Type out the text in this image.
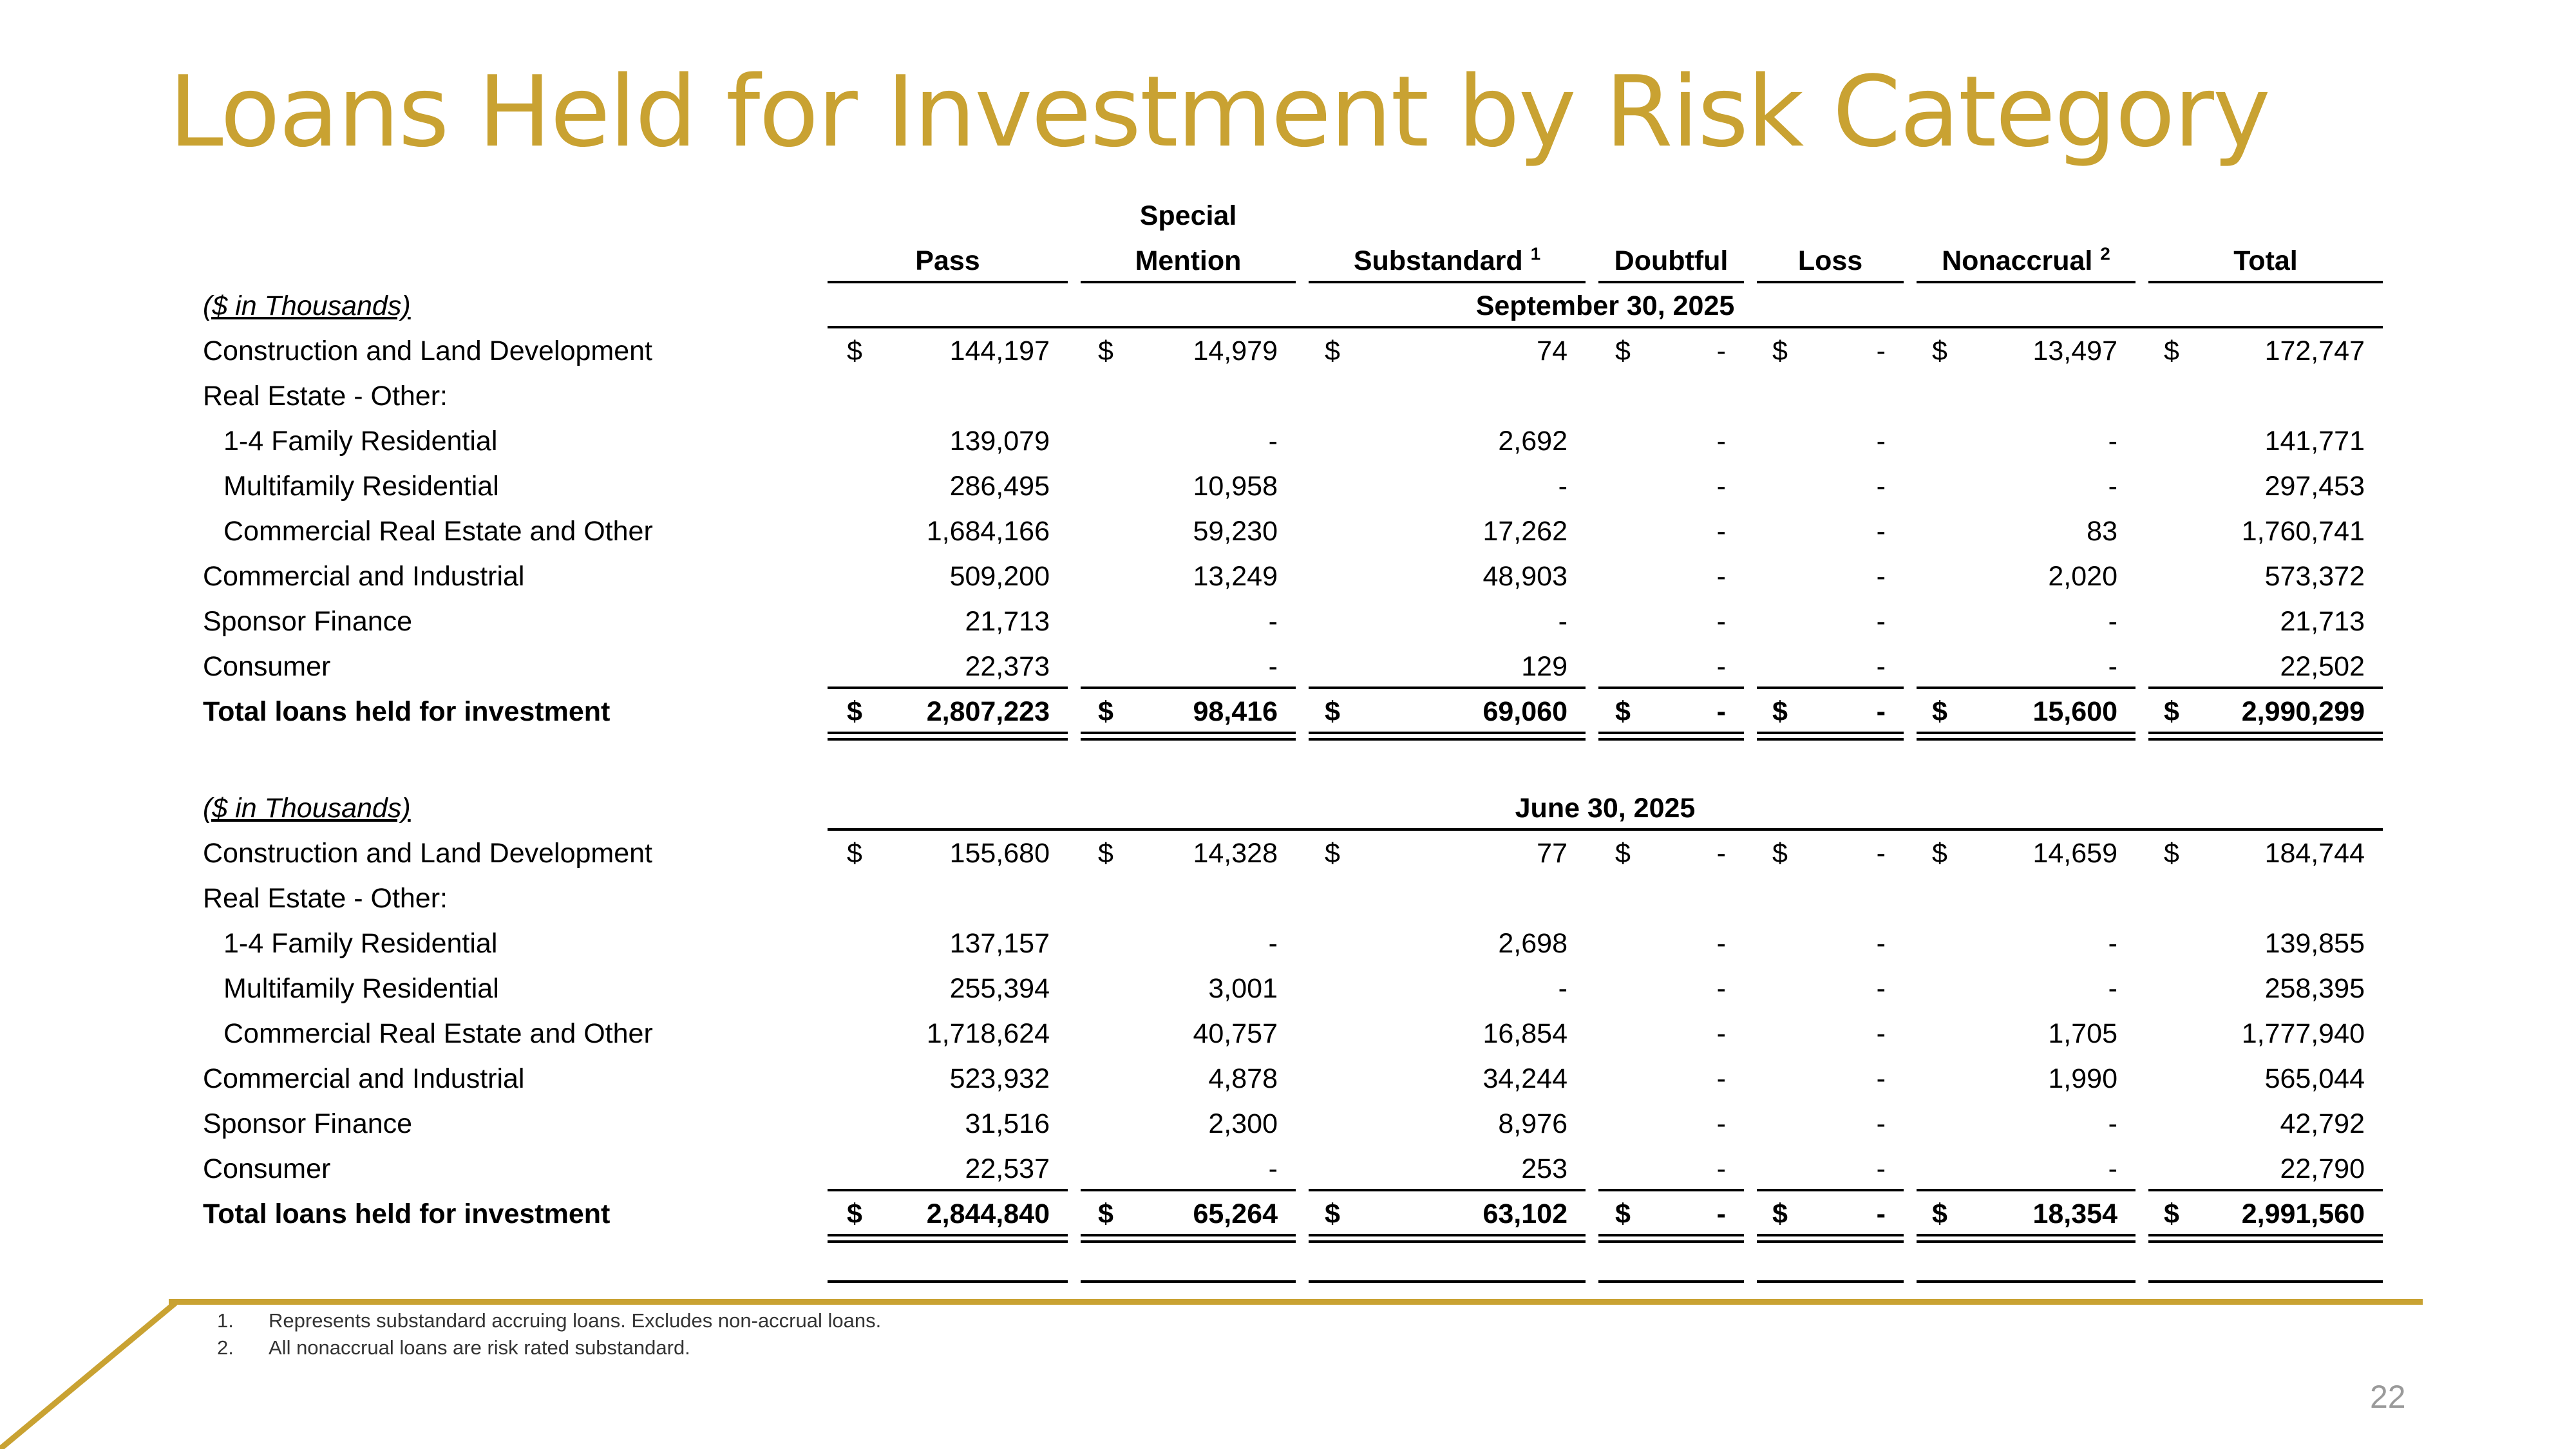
Loans Held for Investment by Risk Category
Special
Pass	Mention	Substandard $^1$	Doubtful	Loss	Nonaccrual $^2$	Total
($ in Thousands)	September 30, 2025
Construction and Land Development	$	144,197 $	14,979 $	74 $	- $	- $	13,497 $	172,747
Real Estate - Other:
1-4 Family Residential	139,079	-	2,692	-	-	-	141,771
Multifamily Residential	286,495	10,958	-	-	-	-	297,453
Commercial Real Estate and Other	1,684,166	59,230	17,262	-	-	83	1,760,741
Commercial and Industrial	509,200	13,249	48,903	-	-	2,020	573,372
Sponsor Finance	21,713	-	-	-	-	-	21,713
Consumer	22,373	-	129	-	-	-	22,502
Total loans held for investment	$ 2,807,223 $	98,416 $	69,060 $	- $	- $	15,600 $ 2,990,299
($ in Thousands)	June 30, 2025
Construction and Land Development	$	155,680 $	14,328 $	77 $	- $	- $	14,659 $	184,744
Real Estate - Other:
1-4 Family Residential	137,157	-	2,698	-	-	-	139,855
Multifamily Residential	255,394	3,001	-	-	-	-	258,395
Commercial Real Estate and Other	1,718,624	40,757	16,854	-	-	1,705	1,777,940
Commercial and Industrial	523,932	4,878	34,244	-	-	1,990	565,044
Sponsor Finance	31,516	2,300	8,976	-	-	-	42,792
Consumer	22,537	-	253	-	-	-	22,790
Total loans held for investment	$ 2,844,840 $	65,264 $	63,102 $	- $	- $	18,354 $ 2,991,560
1. Represents substandard accruing loans. Excludes non-accrual loans.
2. All nonaccrual loans are risk rated substandard.
22
